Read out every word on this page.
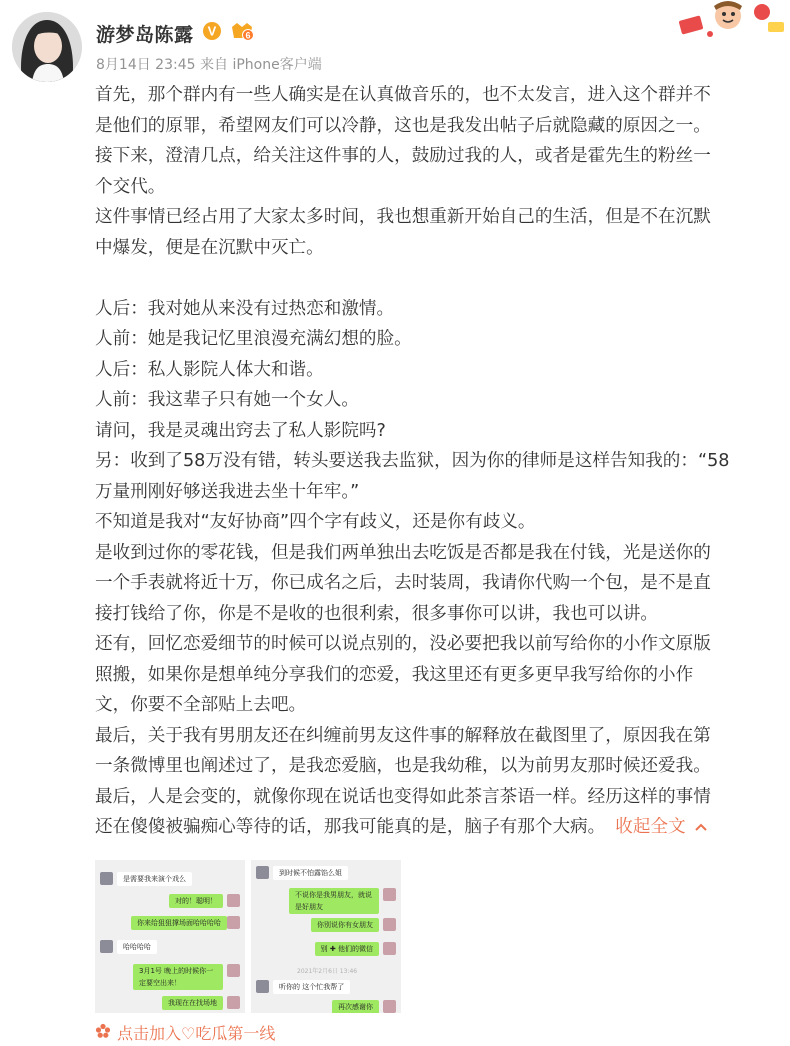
游梦岛陈露 V	6
8月14日 23:45 来自 iPhone客户端

首先，那个群内有一些人确实是在认真做音乐的，也不太发言，进入这个群并不

是他们的原罪，希望网友们可以冷静，这也是我发出帖子后就隐藏的原因之一。

接下来，澄清几点，给关注这件事的人，鼓励过我的人，或者是霍先生的粉丝一

个交代。

这件事情已经占用了大家太多时间，我也想重新开始自己的生活，但是不在沉默

中爆发，便是在沉默中灭亡。

人后：我对她从来没有过热恋和激情。

人前：她是我记忆里浪漫充满幻想的脸。

人后：私人影院人体大和谐。

人前：我这辈子只有她一个女人。

请问，我是灵魂出窍去了私人影院吗?

另：收到了58万没有错，转头要送我去监狱，因为你的律师是这样告知我的：“58

万量刑刚好够送我进去坐十年牢。”

不知道是我对“友好协商”四个字有歧义，还是你有歧义。

是收到过你的零花钱，但是我们两单独出去吃饭是否都是我在付钱，光是送你的

一个手表就将近十万，你已成名之后，去时装周，我请你代购一个包，是不是直

接打钱给了你，你是不是收的也很利索，很多事你可以讲，我也可以讲。

还有，回忆恋爱细节的时候可以说点别的，没必要把我以前写给你的小作文原版

照搬，如果你是想单纯分享我们的恋爱，我这里还有更多更早我写给你的小作

文，你要不全部贴上去吧。

最后，关于我有男朋友还在纠缠前男友这件事的解释放在截图里了，原因我在第

一条微博里也阐述过了，是我恋爱脑，也是我幼稚，以为前男友那时候还爱我。

最后，人是会变的，就像你现在说话也变得如此茶言茶语一样。经历这样的事情

还在傻傻被骗痴心等待的话，那我可能真的是，脑子有那个大病。 收起全文

是需要我来演个戏么
对的！聪明！
你来给狙狙撑场面哈哈哈哈
哈哈哈哈
3月1号 晚上的时候你一定要空出来！
我现在在找场地
到时候不怕露馅么姐
不说你是我男朋友，就说是好朋友
你别说你有女朋友
别 ✚ 他们的微信
听你的 这个忙我帮了
再次感谢你
2021年2月6日 13:46
点击加入♡吃瓜第一线
